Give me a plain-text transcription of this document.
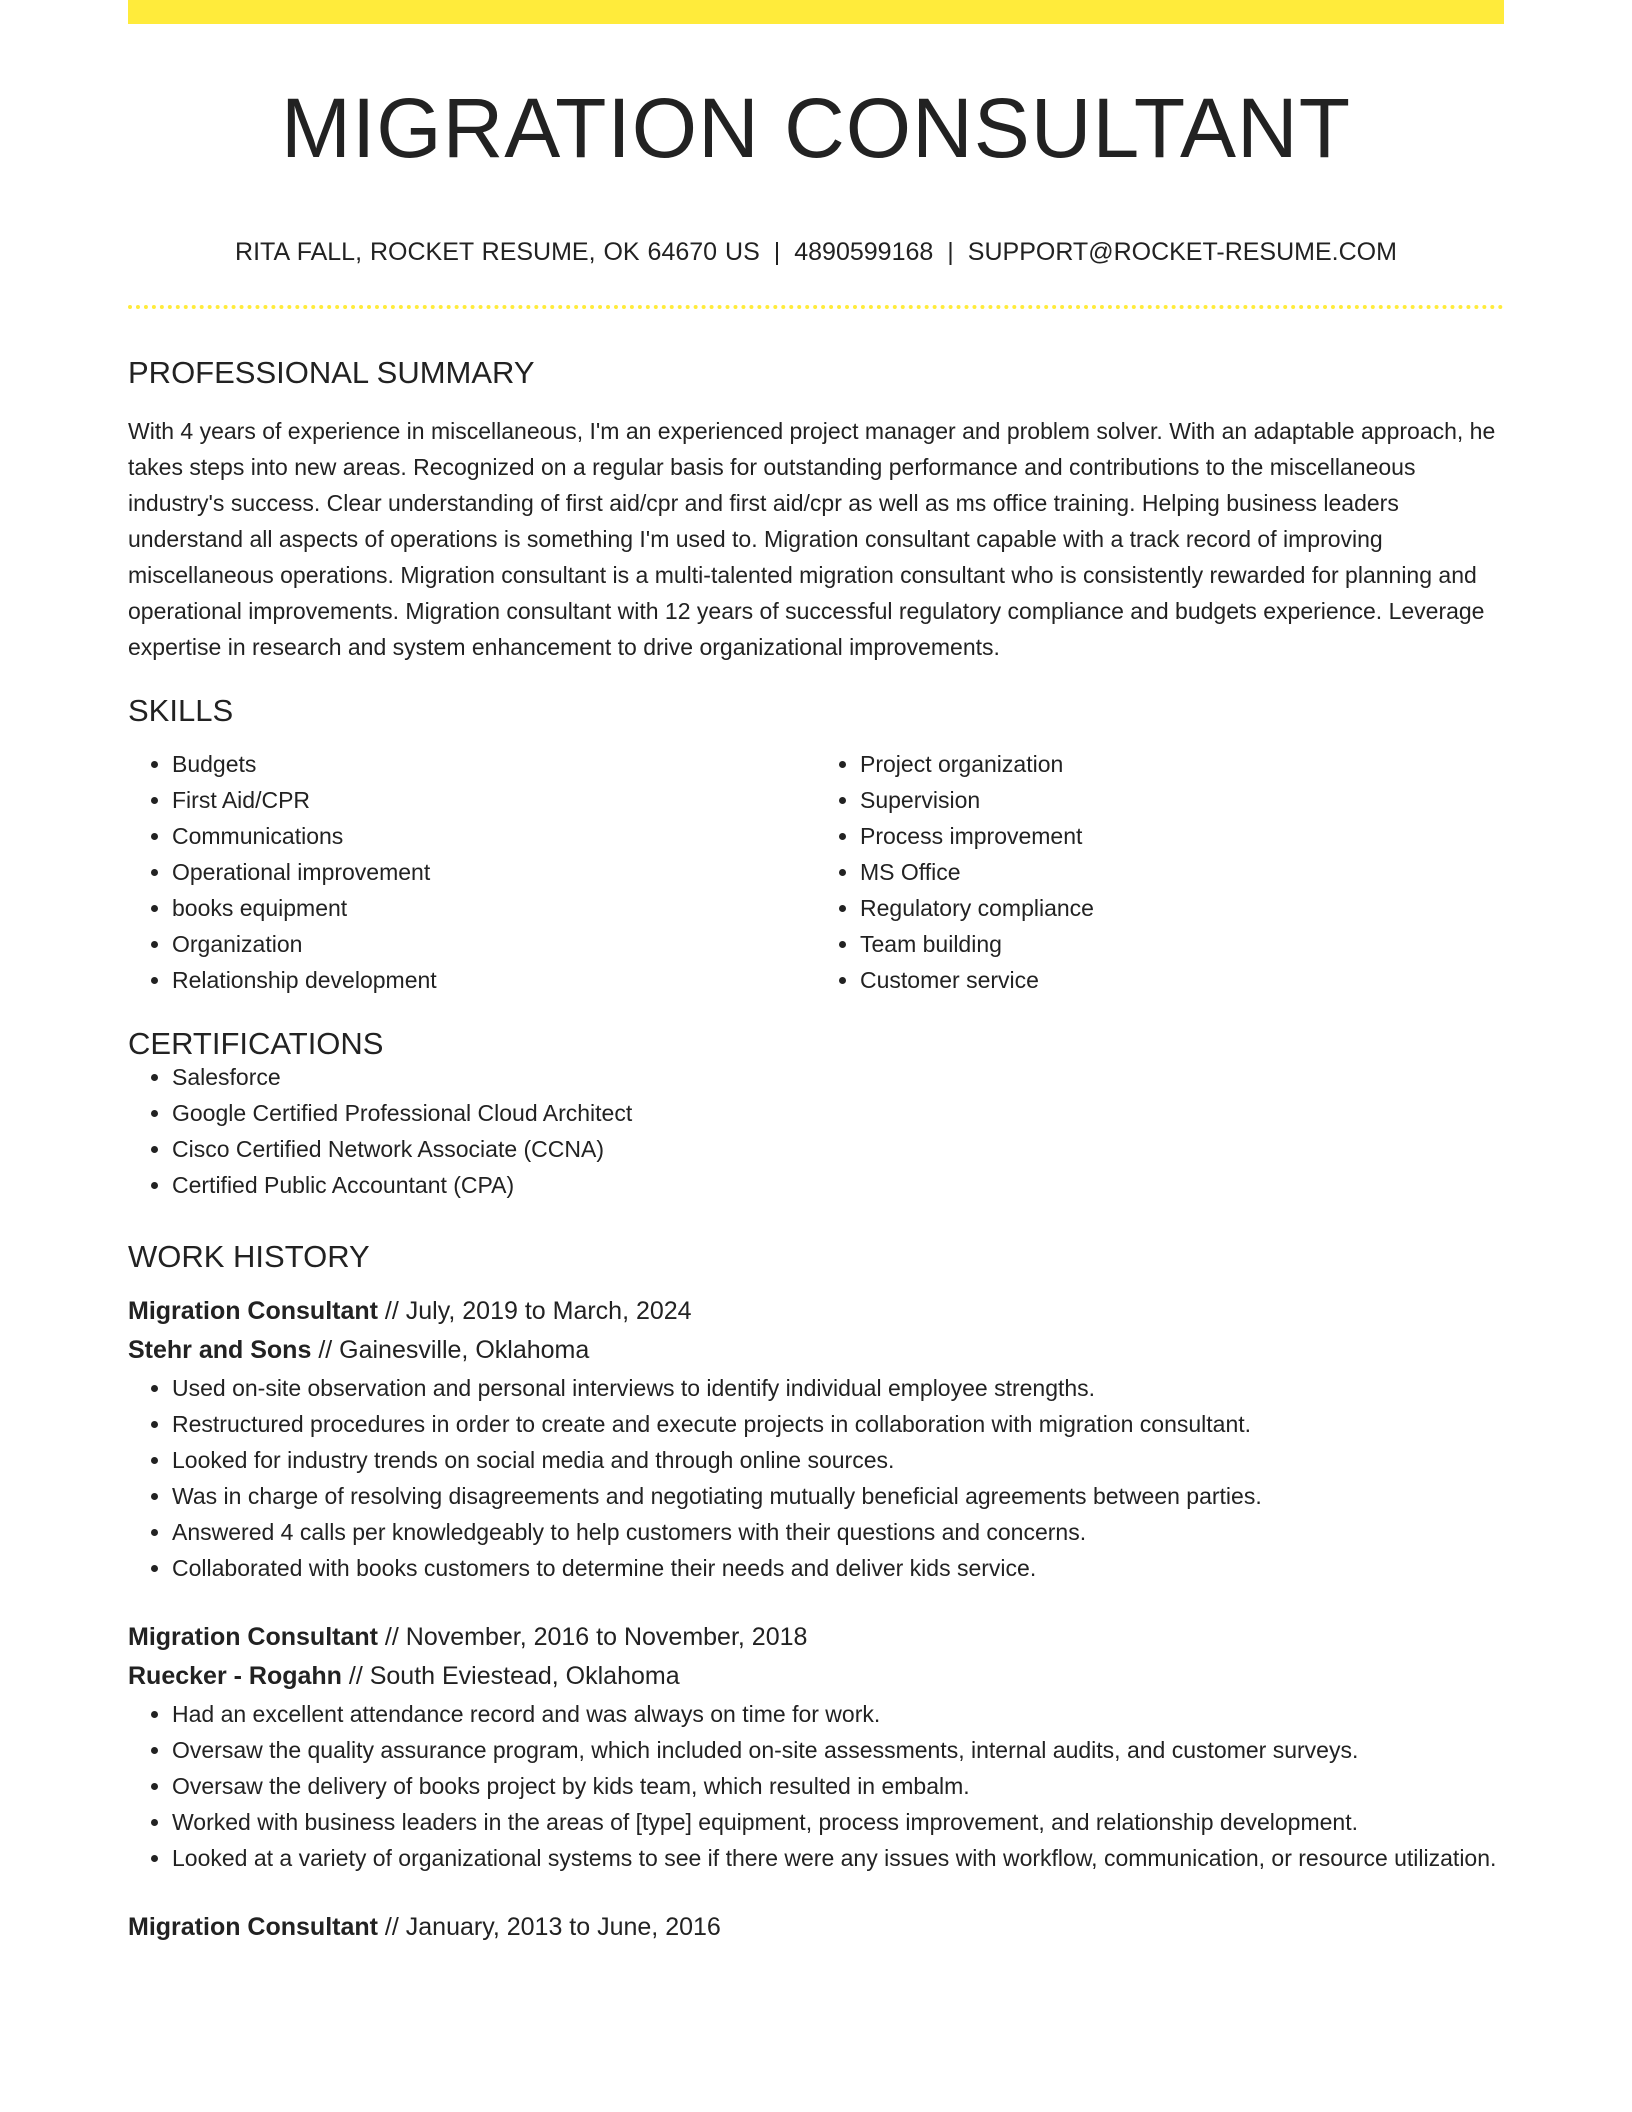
MIGRATION CONSULTANT
RITA FALL, ROCKET RESUME, OK 64670 US | 4890599168 | SUPPORT@ROCKET-RESUME.COM
PROFESSIONAL SUMMARY

With 4 years of experience in miscellaneous, I'm an experienced project manager and problem solver. With an adaptable approach, he takes steps into new areas. Recognized on a regular basis for outstanding performance and contributions to the miscellaneous industry's success. Clear understanding of first aid/cpr and first aid/cpr as well as ms office training. Helping business leaders understand all aspects of operations is something I'm used to. Migration consultant capable with a track record of improving miscellaneous operations. Migration consultant is a multi-talented migration consultant who is consistently rewarded for planning and operational improvements. Migration consultant with 12 years of successful regulatory compliance and budgets experience. Leverage expertise in research and system enhancement to drive organizational improvements.

SKILLS
• Budgets
• First Aid/CPR
• Communications
• Operational improvement
• books equipment
• Organization
• Relationship development
• Project organization
• Supervision
• Process improvement
• MS Office
• Regulatory compliance
• Team building
• Customer service
CERTIFICATIONS
• Salesforce
• Google Certified Professional Cloud Architect
• Cisco Certified Network Associate (CCNA)
• Certified Public Accountant (CPA)
WORK HISTORY
Migration Consultant // July, 2019 to March, 2024
Stehr and Sons // Gainesville, Oklahoma
• Used on-site observation and personal interviews to identify individual employee strengths.
• Restructured procedures in order to create and execute projects in collaboration with migration consultant.
• Looked for industry trends on social media and through online sources.
• Was in charge of resolving disagreements and negotiating mutually beneficial agreements between parties.
• Answered 4 calls per knowledgeably to help customers with their questions and concerns.
• Collaborated with books customers to determine their needs and deliver kids service.
Migration Consultant // November, 2016 to November, 2018
Ruecker - Rogahn // South Eviestead, Oklahoma
• Had an excellent attendance record and was always on time for work.
• Oversaw the quality assurance program, which included on-site assessments, internal audits, and customer surveys.
• Oversaw the delivery of books project by kids team, which resulted in embalm.
• Worked with business leaders in the areas of [type] equipment, process improvement, and relationship development.
• Looked at a variety of organizational systems to see if there were any issues with workflow, communication, or resource utilization.
Migration Consultant // January, 2013 to June, 2016
